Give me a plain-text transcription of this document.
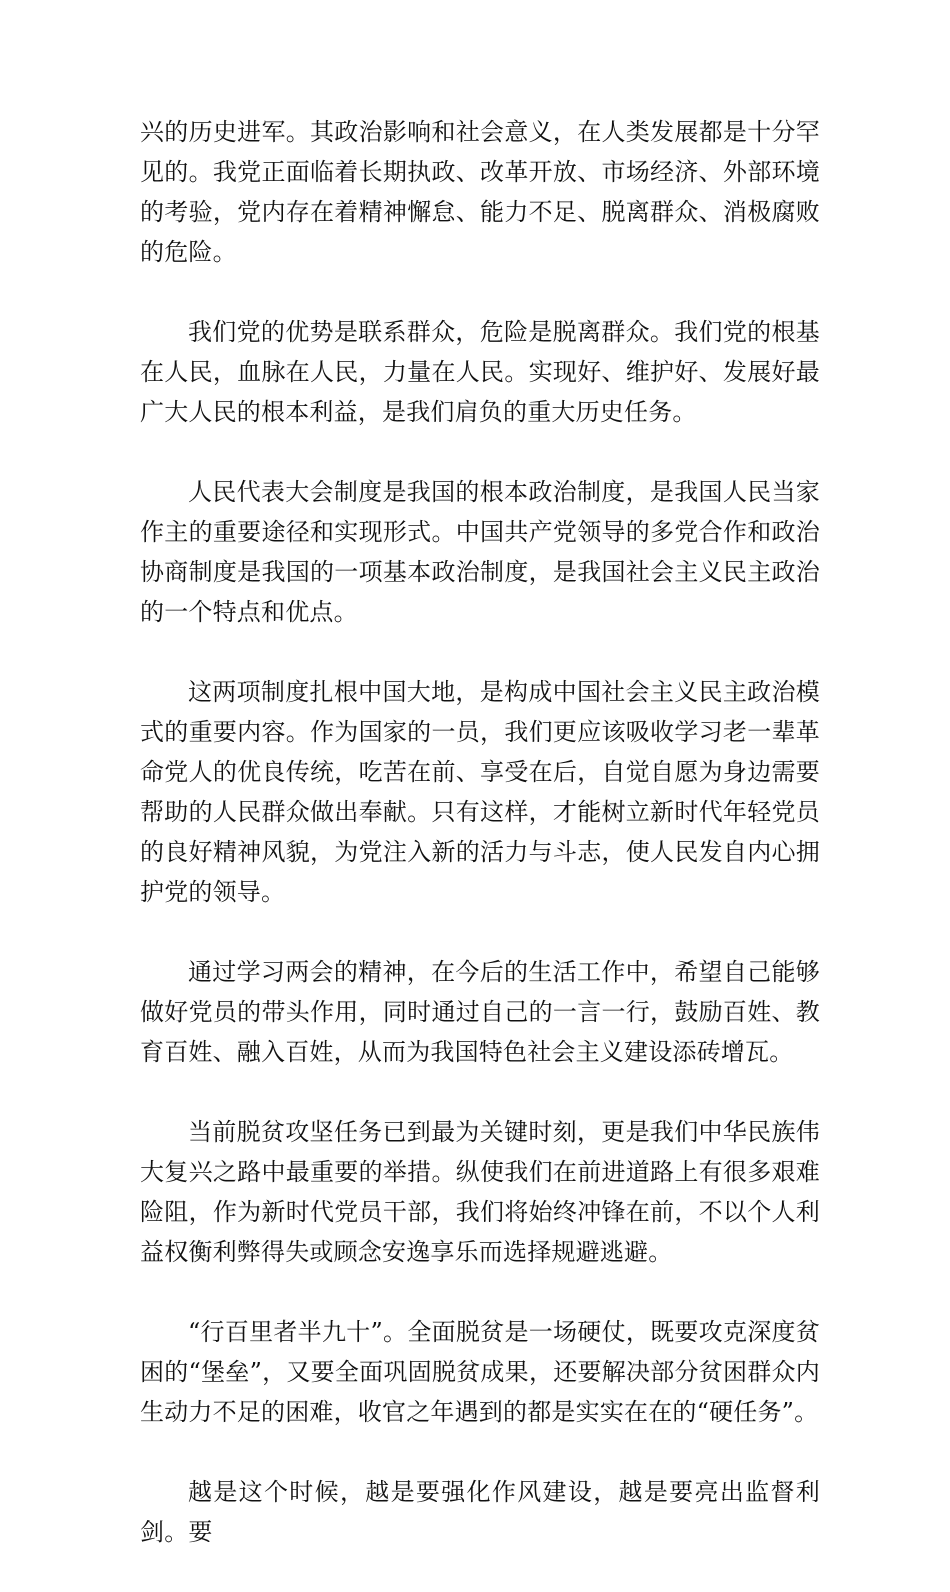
兴的历史进军。其政治影响和社会意义，在人类发展都是十分罕见的。我党正面临着长期执政、改革开放、市场经济、外部环境的考验，党内存在着精神懈怠、能力不足、脱离群众、消极腐败的危险。

我们党的优势是联系群众，危险是脱离群众。我们党的根基在人民，血脉在人民，力量在人民。实现好、维护好、发展好最广大人民的根本利益，是我们肩负的重大历史任务。

人民代表大会制度是我国的根本政治制度，是我国人民当家作主的重要途径和实现形式。中国共产党领导的多党合作和政治协商制度是我国的一项基本政治制度，是我国社会主义民主政治的一个特点和优点。

这两项制度扎根中国大地，是构成中国社会主义民主政治模式的重要内容。作为国家的一员，我们更应该吸收学习老一辈革命党人的优良传统，吃苦在前、享受在后，自觉自愿为身边需要帮助的人民群众做出奉献。只有这样，才能树立新时代年轻党员的良好精神风貌，为党注入新的活力与斗志，使人民发自内心拥护党的领导。

通过学习两会的精神，在今后的生活工作中，希望自己能够做好党员的带头作用，同时通过自己的一言一行，鼓励百姓、教育百姓、融入百姓，从而为我国特色社会主义建设添砖增瓦。

当前脱贫攻坚任务已到最为关键时刻，更是我们中华民族伟大复兴之路中最重要的举措。纵使我们在前进道路上有很多艰难险阻，作为新时代党员干部，我们将始终冲锋在前，不以个人利益权衡利弊得失或顾念安逸享乐而选择规避逃避。

“行百里者半九十”。全面脱贫是一场硬仗，既要攻克深度贫困的“堡垒”，又要全面巩固脱贫成果，还要解决部分贫困群众内生动力不足的困难，收官之年遇到的都是实实在在的“硬任务”。

越是这个时候，越是要强化作风建设，越是要亮出监督利剑。要
